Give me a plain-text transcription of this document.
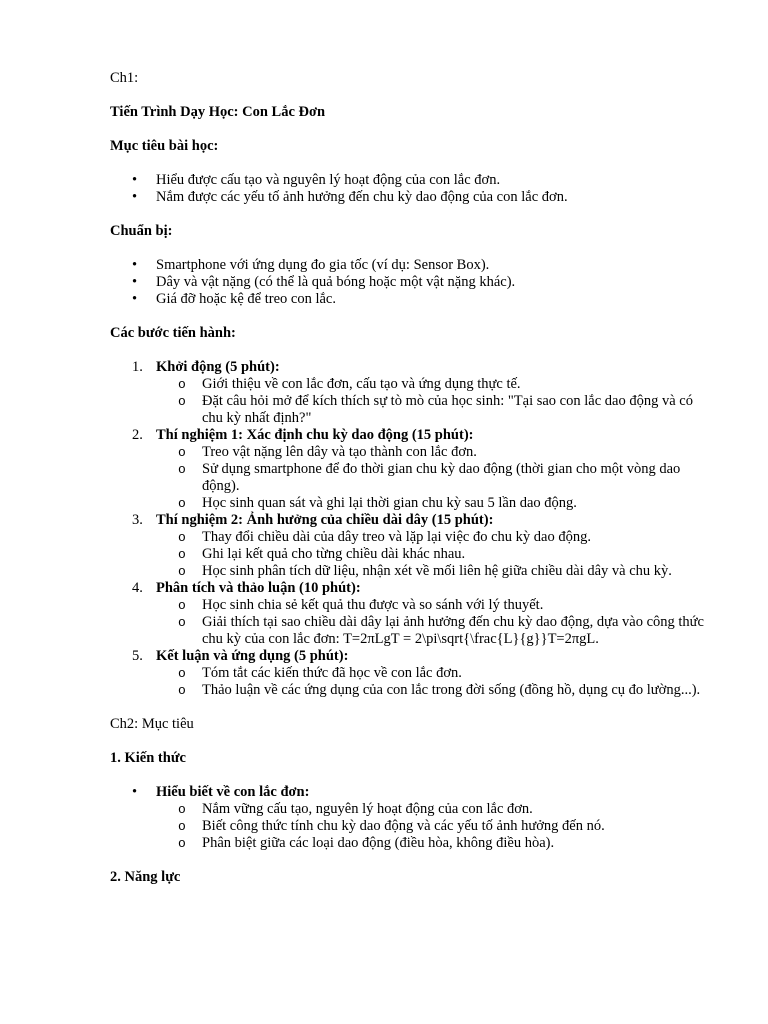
Ch1:

Tiến Trình Dạy Học: Con Lắc Đơn

Mục tiêu bài học:

• Hiểu được cấu tạo và nguyên lý hoạt động của con lắc đơn.
• Nắm được các yếu tố ảnh hưởng đến chu kỳ dao động của con lắc đơn.

Chuẩn bị:

• Smartphone với ứng dụng đo gia tốc (ví dụ: Sensor Box).
• Dây và vật nặng (có thể là quả bóng hoặc một vật nặng khác).
• Giá đỡ hoặc kệ để treo con lắc.

Các bước tiến hành:

1. Khởi động (5 phút):
o Giới thiệu về con lắc đơn, cấu tạo và ứng dụng thực tế.
o Đặt câu hỏi mở để kích thích sự tò mò của học sinh: "Tại sao con lắc dao động và có chu kỳ nhất định?"
2. Thí nghiệm 1: Xác định chu kỳ dao động (15 phút):
o Treo vật nặng lên dây và tạo thành con lắc đơn.
o Sử dụng smartphone để đo thời gian chu kỳ dao động (thời gian cho một vòng dao động).
o Học sinh quan sát và ghi lại thời gian chu kỳ sau 5 lần dao động.
3. Thí nghiệm 2: Ảnh hưởng của chiều dài dây (15 phút):
o Thay đổi chiều dài của dây treo và lặp lại việc đo chu kỳ dao động.
o Ghi lại kết quả cho từng chiều dài khác nhau.
o Học sinh phân tích dữ liệu, nhận xét về mối liên hệ giữa chiều dài dây và chu kỳ.
4. Phân tích và thảo luận (10 phút):
o Học sinh chia sẻ kết quả thu được và so sánh với lý thuyết.
o Giải thích tại sao chiều dài dây lại ảnh hưởng đến chu kỳ dao động, dựa vào công thức chu kỳ của con lắc đơn: T=2πLgT = 2\pi\sqrt{\frac{L}{g}}T=2πgL.
5. Kết luận và ứng dụng (5 phút):
o Tóm tắt các kiến thức đã học về con lắc đơn.
o Thảo luận về các ứng dụng của con lắc trong đời sống (đồng hồ, dụng cụ đo lường...).

Ch2: Mục tiêu

1. Kiến thức

• Hiểu biết về con lắc đơn:
o Nắm vững cấu tạo, nguyên lý hoạt động của con lắc đơn.
o Biết công thức tính chu kỳ dao động và các yếu tố ảnh hưởng đến nó.
o Phân biệt giữa các loại dao động (điều hòa, không điều hòa).

2. Năng lực
